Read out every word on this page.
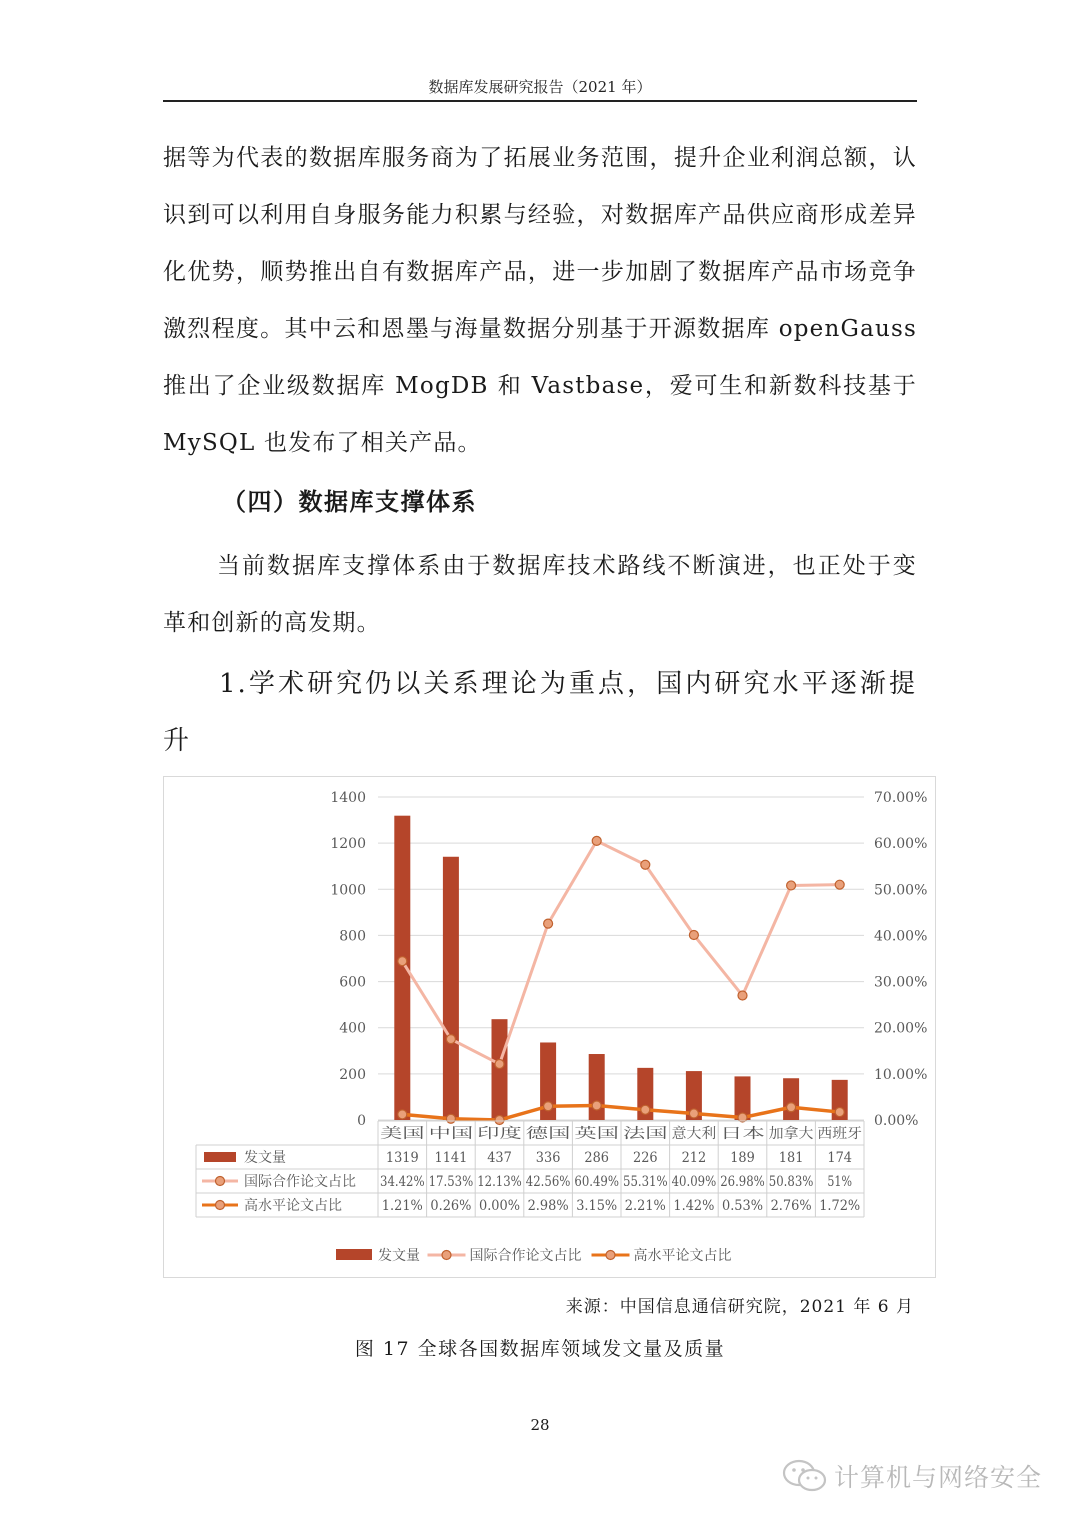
数据库发展研究报告（2021 年）

据等为代表的数据库服务商为了拓展业务范围，提升企业利润总额，认识到可以利用自身服务能力积累与经验，对数据库产品供应商形成差异化优势，顺势推出自有数据库产品，进一步加剧了数据库产品市场竞争激烈程度。其中云和恩墨与海量数据分别基于开源数据库 openGauss 推出了企业级数据库 MogDB 和 Vastbase，爱可生和新数科技基于 MySQL 也发布了相关产品。

（四）数据库支撑体系

当前数据库支撑体系由于数据库技术路线不断演进，也正处于变革和创新的高发期。

1.学术研究仍以关系理论为重点，国内研究水平逐渐提升
0
200
400
600
800
1000
1200
1400
0.00%
10.00%
20.00%
30.00%
40.00%
50.00%
60.00%
70.00%
美国 中国	印度	德国 英国 法国	意大利 日本	加拿大 西班牙
发文量	1319 1141 437 336 286 226 212 189 181 174
国际合作论文占比 34.42% 17.53% 12.13% 42.56% 60.49% 55.31% 40.09% 26.98% 50.83% 51%
高水平论文占比	1.21% 0.26% 0.00% 2.98% 3.15% 2.21% 1.42% 0.53% 2.76% 1.72%
发文量	国际合作论文占比	高水平论文占比
来源：中国信息通信研究院，2021 年 6 月
图 17 全球各国数据库领域发文量及质量
28
计算机与网络安全
